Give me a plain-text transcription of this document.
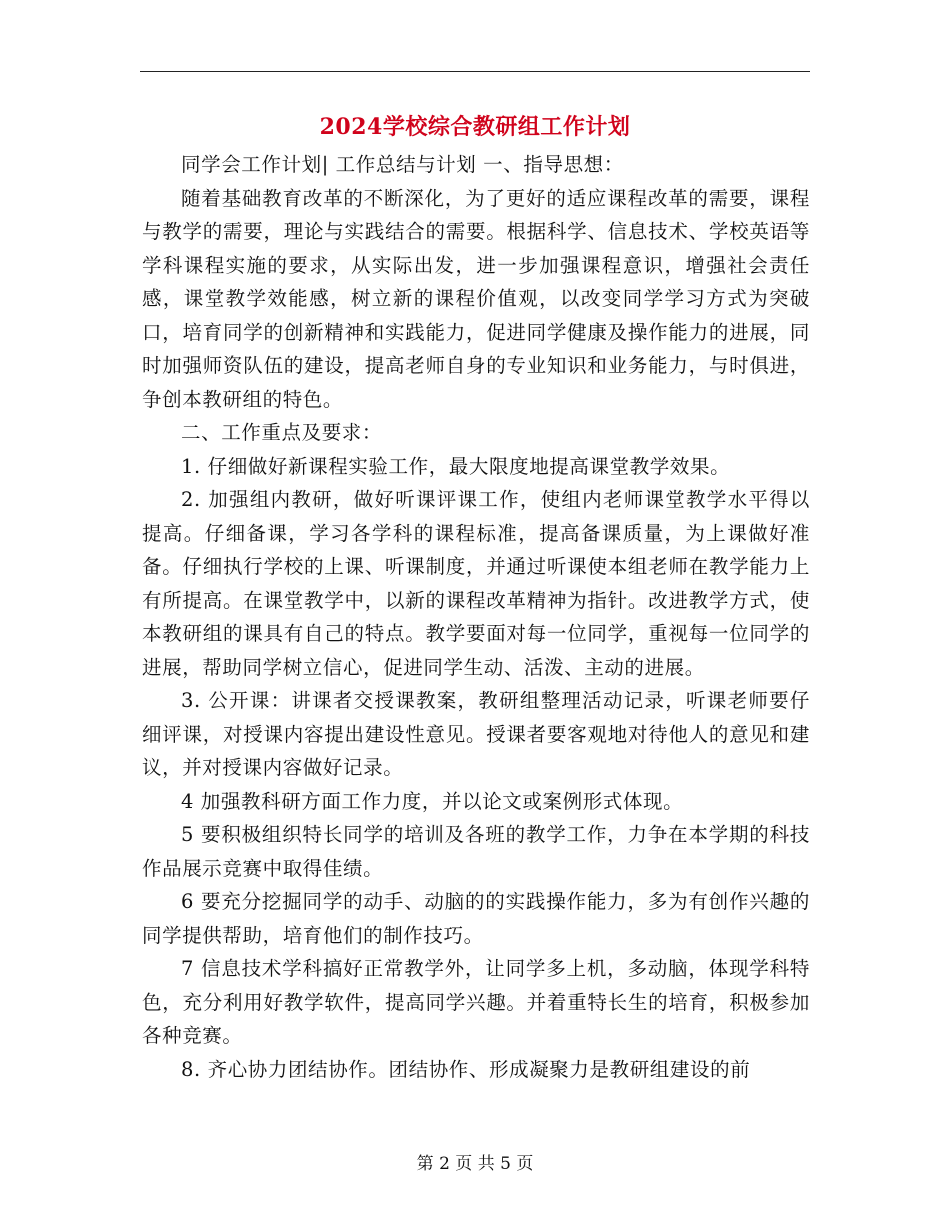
2024学校综合教研组工作计划

同学会工作计划| 工作总结与计划 一、指导思想：

随着基础教育改革的不断深化，为了更好的适应课程改革的需要，课程与教学的需要，理论与实践结合的需要。根据科学、信息技术、学校英语等学科课程实施的要求，从实际出发，进一步加强课程意识，增强社会责任感，课堂教学效能感，树立新的课程价值观，以改变同学学习方式为突破口，培育同学的创新精神和实践能力，促进同学健康及操作能力的进展，同时加强师资队伍的建设，提高老师自身的专业知识和业务能力，与时俱进，争创本教研组的特色。

二、工作重点及要求：

1. 仔细做好新课程实验工作，最大限度地提高课堂教学效果。

2. 加强组内教研，做好听课评课工作，使组内老师课堂教学水平得以提高。仔细备课，学习各学科的课程标准，提高备课质量，为上课做好准备。仔细执行学校的上课、听课制度，并通过听课使本组老师在教学能力上有所提高。在课堂教学中，以新的课程改革精神为指针。改进教学方式，使本教研组的课具有自己的特点。教学要面对每一位同学，重视每一位同学的进展，帮助同学树立信心，促进同学生动、活泼、主动的进展。

3. 公开课：讲课者交授课教案，教研组整理活动记录，听课老师要仔细评课，对授课内容提出建设性意见。授课者要客观地对待他人的意见和建议，并对授课内容做好记录。

4 加强教科研方面工作力度，并以论文或案例形式体现。

5 要积极组织特长同学的培训及各班的教学工作，力争在本学期的科技作品展示竞赛中取得佳绩。

6 要充分挖掘同学的动手、动脑的的实践操作能力，多为有创作兴趣的同学提供帮助，培育他们的制作技巧。

7 信息技术学科搞好正常教学外，让同学多上机，多动脑，体现学科特色，充分利用好教学软件，提高同学兴趣。并着重特长生的培育，积极参加各种竞赛。

8. 齐心协力团结协作。团结协作、形成凝聚力是教研组建设的前

第 2 页 共 5 页
